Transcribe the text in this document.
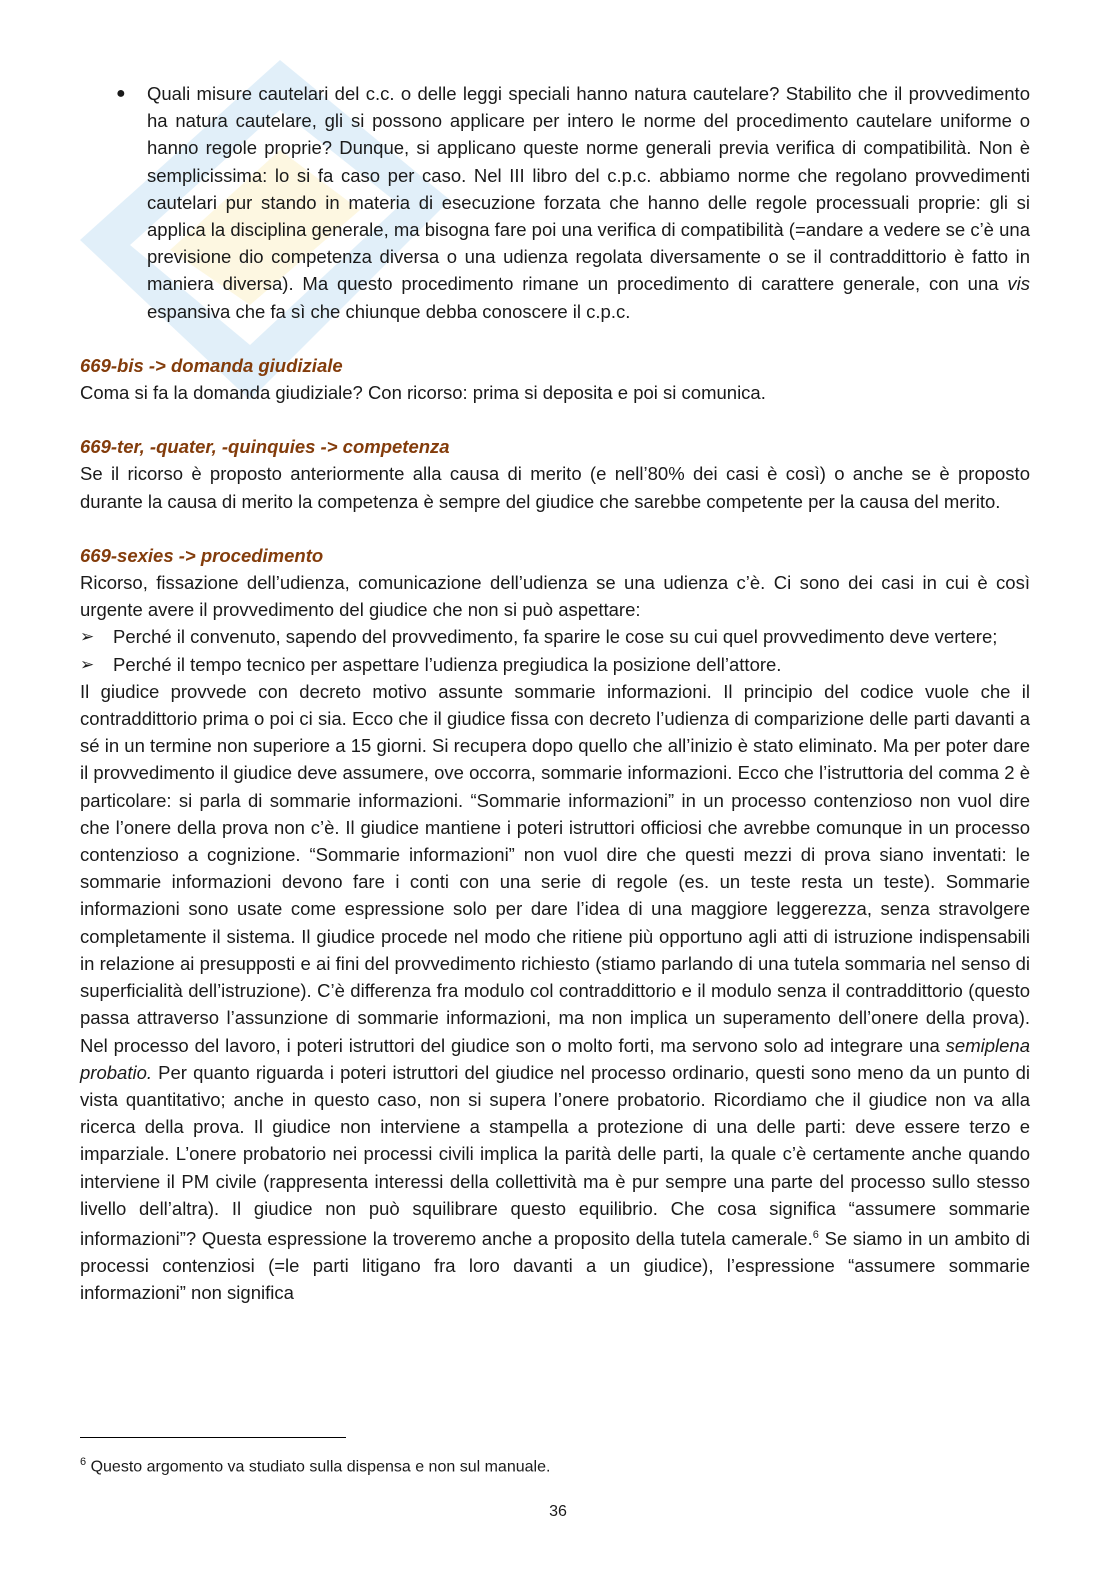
● Quali misure cautelari del c.c. o delle leggi speciali hanno natura cautelare? Stabilito che il provvedimento ha natura cautelare, gli si possono applicare per intero le norme del procedimento cautelare uniforme o hanno regole proprie? Dunque, si applicano queste norme generali previa verifica di compatibilità. Non è semplicissima: lo si fa caso per caso. Nel III libro del c.p.c. abbiamo norme che regolano provvedimenti cautelari pur stando in materia di esecuzione forzata che hanno delle regole processuali proprie: gli si applica la disciplina generale, ma bisogna fare poi una verifica di compatibilità (=andare a vedere se c’è una previsione dio competenza diversa o una udienza regolata diversamente o se il contraddittorio è fatto in maniera diversa). Ma questo procedimento rimane un procedimento di carattere generale, con una vis espansiva che fa sì che chiunque debba conoscere il c.p.c.

669-bis -> domanda giudiziale

Coma si fa la domanda giudiziale? Con ricorso: prima si deposita e poi si comunica.

669-ter, -quater, -quinquies -> competenza

Se il ricorso è proposto anteriormente alla causa di merito (e nell’80% dei casi è così) o anche se è proposto durante la causa di merito la competenza è sempre del giudice che sarebbe competente per la causa del merito.

669-sexies -> procedimento

Ricorso, fissazione dell’udienza, comunicazione dell’udienza se una udienza c’è. Ci sono dei casi in cui è così urgente avere il provvedimento del giudice che non si può aspettare:

➢ Perché il convenuto, sapendo del provvedimento, fa sparire le cose su cui quel provvedimento deve vertere;

➢ Perché il tempo tecnico per aspettare l’udienza pregiudica la posizione dell’attore.

Il giudice provvede con decreto motivo assunte sommarie informazioni. Il principio del codice vuole che il contraddittorio prima o poi ci sia. Ecco che il giudice fissa con decreto l’udienza di comparizione delle parti davanti a sé in un termine non superiore a 15 giorni. Si recupera dopo quello che all’inizio è stato eliminato. Ma per poter dare il provvedimento il giudice deve assumere, ove occorra, sommarie informazioni. Ecco che l’istruttoria del comma 2 è particolare: si parla di sommarie informazioni. “Sommarie informazioni” in un processo contenzioso non vuol dire che l’onere della prova non c’è. Il giudice mantiene i poteri istruttori officiosi che avrebbe comunque in un processo contenzioso a cognizione. “Sommarie informazioni” non vuol dire che questi mezzi di prova siano inventati: le sommarie informazioni devono fare i conti con una serie di regole (es. un teste resta un teste). Sommarie informazioni sono usate come espressione solo per dare l’idea di una maggiore leggerezza, senza stravolgere completamente il sistema. Il giudice procede nel modo che ritiene più opportuno agli atti di istruzione indispensabili in relazione ai presupposti e ai fini del provvedimento richiesto (stiamo parlando di una tutela sommaria nel senso di superficialità dell’istruzione). C’è differenza fra modulo col contraddittorio e il modulo senza il contraddittorio (questo passa attraverso l’assunzione di sommarie informazioni, ma non implica un superamento dell’onere della prova). Nel processo del lavoro, i poteri istruttori del giudice son o molto forti, ma servono solo ad integrare una semiplena probatio. Per quanto riguarda i poteri istruttori del giudice nel processo ordinario, questi sono meno da un punto di vista quantitativo; anche in questo caso, non si supera l’onere probatorio. Ricordiamo che il giudice non va alla ricerca della prova. Il giudice non interviene a stampella a protezione di una delle parti: deve essere terzo e imparziale. L’onere probatorio nei processi civili implica la parità delle parti, la quale c’è certamente anche quando interviene il PM civile (rappresenta interessi della collettività ma è pur sempre una parte del processo sullo stesso livello dell’altra). Il giudice non può squilibrare questo equilibrio. Che cosa significa “assumere sommarie informazioni”? Questa espressione la troveremo anche a proposito della tutela camerale.$^6$ Se siamo in un ambito di processi contenziosi (=le parti litigano fra loro davanti a un giudice), l’espressione “assumere sommarie informazioni” non significa

$^6$ Questo argomento va studiato sulla dispensa e non sul manuale.
36
